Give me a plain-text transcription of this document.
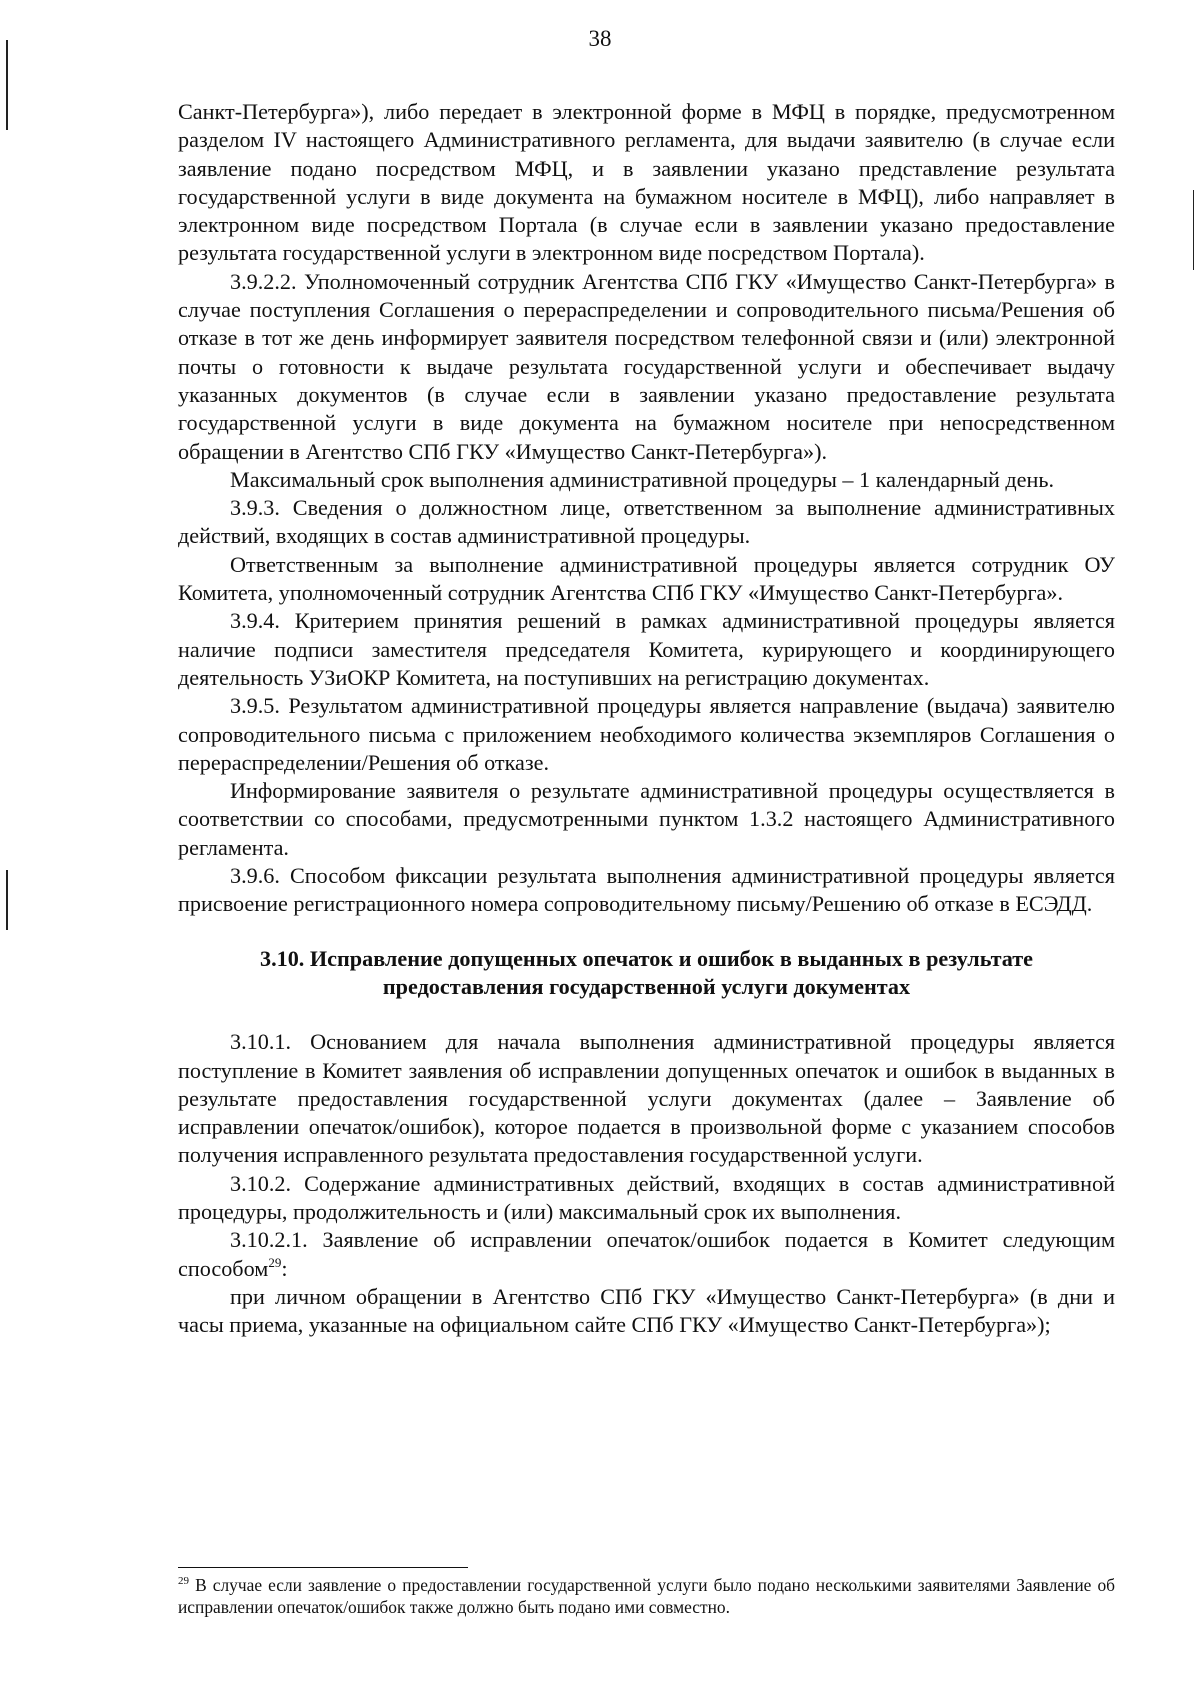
38

Санкт-Петербурга»), либо передает в электронной форме в МФЦ в порядке, предусмотренном разделом IV настоящего Административного регламента, для выдачи заявителю (в случае если заявление подано посредством МФЦ, и в заявлении указано представление результата государственной услуги в виде документа на бумажном носителе в МФЦ), либо направляет в электронном виде посредством Портала (в случае если в заявлении указано предоставление результата государственной услуги в электронном виде посредством Портала).

3.9.2.2. Уполномоченный сотрудник Агентства СПб ГКУ «Имущество Санкт-Петербурга» в случае поступления Соглашения о перераспределении и сопроводительного письма/Решения об отказе в тот же день информирует заявителя посредством телефонной связи и (или) электронной почты о готовности к выдаче результата государственной услуги и обеспечивает выдачу указанных документов (в случае если в заявлении указано предоставление результата государственной услуги в виде документа на бумажном носителе при непосредственном обращении в Агентство СПб ГКУ «Имущество Санкт-Петербурга»).

Максимальный срок выполнения административной процедуры – 1 календарный день.

3.9.3. Сведения о должностном лице, ответственном за выполнение административных действий, входящих в состав административной процедуры.

Ответственным за выполнение административной процедуры является сотрудник ОУ Комитета, уполномоченный сотрудник Агентства СПб ГКУ «Имущество Санкт-Петербурга».

3.9.4. Критерием принятия решений в рамках административной процедуры является наличие подписи заместителя председателя Комитета, курирующего и координирующего деятельность УЗиОКР Комитета, на поступивших на регистрацию документах.

3.9.5. Результатом административной процедуры является направление (выдача) заявителю сопроводительного письма с приложением необходимого количества экземпляров Соглашения о перераспределении/Решения об отказе.

Информирование заявителя о результате административной процедуры осуществляется в соответствии со способами, предусмотренными пунктом 1.3.2 настоящего Административного регламента.

3.9.6. Способом фиксации результата выполнения административной процедуры является присвоение регистрационного номера сопроводительному письму/Решению об отказе в ЕСЭДД.

3.10. Исправление допущенных опечаток и ошибок в выданных в результате
предоставления государственной услуги документах

3.10.1. Основанием для начала выполнения административной процедуры является поступление в Комитет заявления об исправлении допущенных опечаток и ошибок в выданных в результате предоставления государственной услуги документах (далее – Заявление об исправлении опечаток/ошибок), которое подается в произвольной форме с указанием способов получения исправленного результата предоставления государственной услуги.

3.10.2. Содержание административных действий, входящих в состав административной процедуры, продолжительность и (или) максимальный срок их выполнения.

3.10.2.1. Заявление об исправлении опечаток/ошибок подается в Комитет следующим способом$^{29}$:

при личном обращении в Агентство СПб ГКУ «Имущество Санкт-Петербурга» (в дни и часы приема, указанные на официальном сайте СПб ГКУ «Имущество Санкт-Петербурга»);

$^{29}$ В случае если заявление о предоставлении государственной услуги было подано несколькими заявителями Заявление об исправлении опечаток/ошибок также должно быть подано ими совместно.
